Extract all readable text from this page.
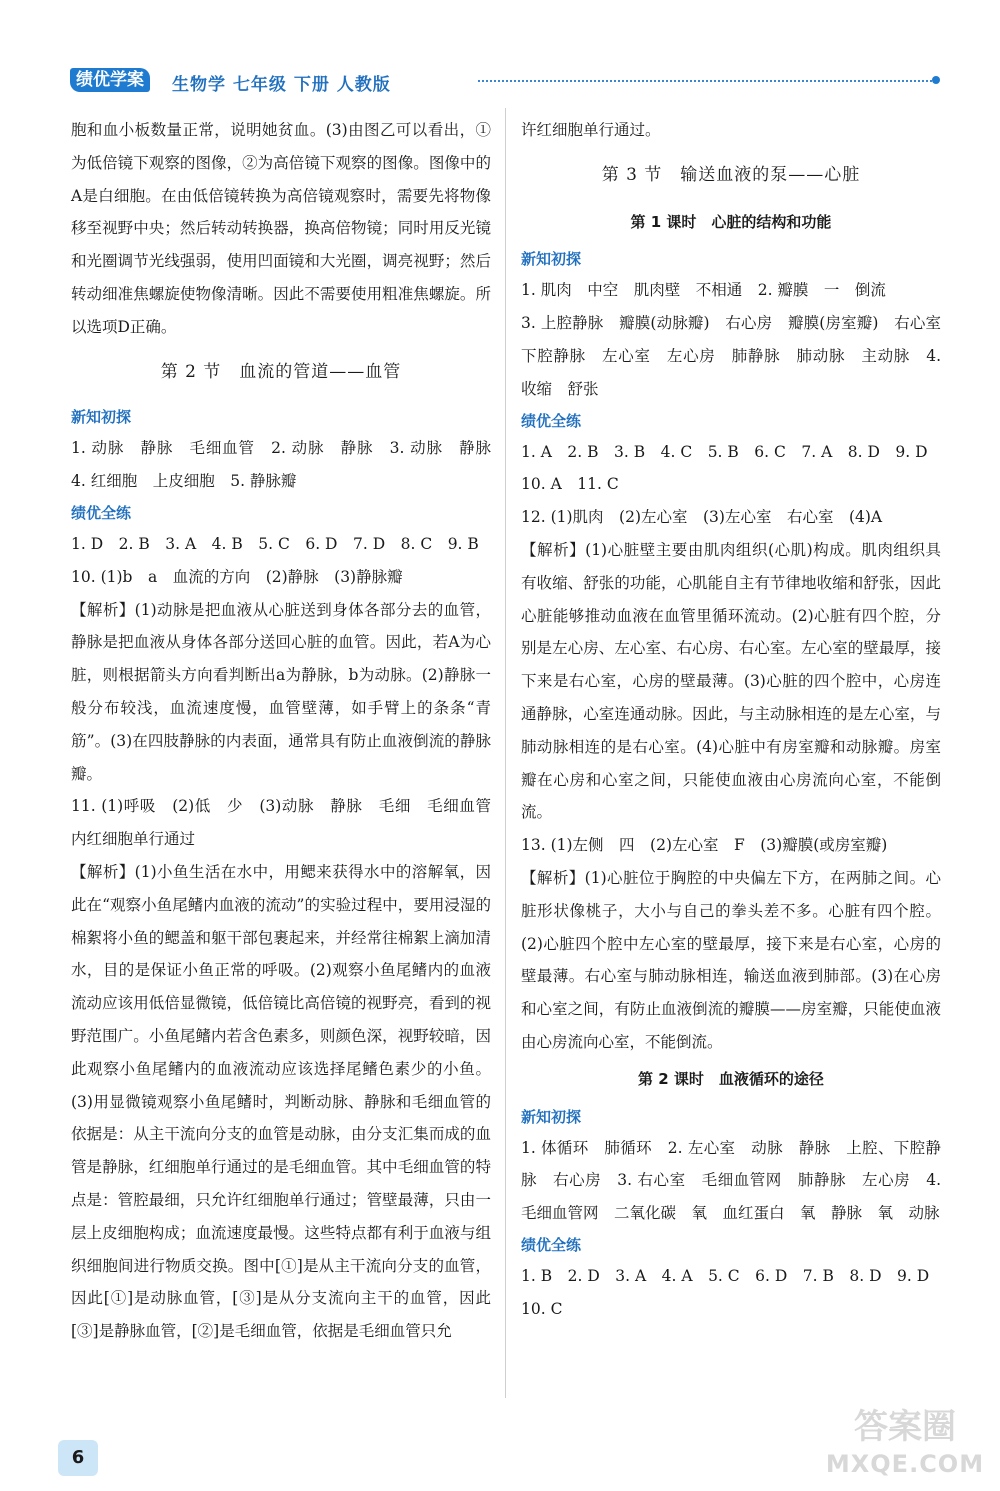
绩优学案	生物学 七年级 下册 人教版

胞和血小板数量正常，说明她贫血。(3)由图乙可以看出，①为低倍镜下观察的图像，②为高倍镜下观察的图像。图像中的A是白细胞。在由低倍镜转换为高倍镜观察时，需要先将物像移至视野中央；然后转动转换器，换高倍物镜；同时用反光镜和光圈调节光线强弱，使用凹面镜和大光圈，调亮视野；然后转动细准焦螺旋使物像清晰。因此不需要使用粗准焦螺旋。所以选项D正确。

第 2 节　血流的管道——血管
新知初探

1. 动脉　静脉　毛细血管　2. 动脉　静脉　3. 动脉　静脉　4. 红细胞　上皮细胞　5. 静脉瓣

绩优全练

1. D　2. B　3. A　4. B　5. C　6. D　7. D　8. C　9. B

10. (1)b　a　血流的方向　(2)静脉　(3)静脉瓣

【解析】(1)动脉是把血液从心脏送到身体各部分去的血管，静脉是把血液从身体各部分送回心脏的血管。因此，若A为心脏，则根据箭头方向看判断出a为静脉，b为动脉。(2)静脉一般分布较浅，血流速度慢，血管壁薄，如手臂上的条条“青筋”。(3)在四肢静脉的内表面，通常具有防止血液倒流的静脉瓣。

11. (1)呼吸　(2)低　少　(3)动脉　静脉　毛细　毛细血管内红细胞单行通过

【解析】(1)小鱼生活在水中，用鳃来获得水中的溶解氧，因此在“观察小鱼尾鳍内血液的流动”的实验过程中，要用浸湿的棉絮将小鱼的鳃盖和躯干部包裹起来，并经常往棉絮上滴加清水，目的是保证小鱼正常的呼吸。(2)观察小鱼尾鳍内的血液流动应该用低倍显微镜，低倍镜比高倍镜的视野亮，看到的视野范围广。小鱼尾鳍内若含色素多，则颜色深，视野较暗，因此观察小鱼尾鳍内的血液流动应该选择尾鳍色素少的小鱼。(3)用显微镜观察小鱼尾鳍时，判断动脉、静脉和毛细血管的依据是：从主干流向分支的血管是动脉，由分支汇集而成的血管是静脉，红细胞单行通过的是毛细血管。其中毛细血管的特点是：管腔最细，只允许红细胞单行通过；管壁最薄，只由一层上皮细胞构成；血流速度最慢。这些特点都有利于血液与组织细胞间进行物质交换。图中[①]是从主干流向分支的血管，因此[①]是动脉血管，[③]是从分支流向主干的血管，因此[③]是静脉血管，[②]是毛细血管，依据是毛细血管只允

许红细胞单行通过。

第 3 节　输送血液的泵——心脏
第 1 课时　心脏的结构和功能
新知初探

1. 肌肉　中空　肌肉壁　不相通　2. 瓣膜　一　倒流

3. 上腔静脉　瓣膜(动脉瓣)　右心房　瓣膜(房室瓣)　右心室　下腔静脉　左心室　左心房　肺静脉　肺动脉　主动脉　4. 收缩　舒张

绩优全练

1. A　2. B　3. B　4. C　5. B　6. C　7. A　8. D　9. D

10. A　11. C

12. (1)肌肉　(2)左心室　(3)左心室　右心室　(4)A

【解析】(1)心脏壁主要由肌肉组织(心肌)构成。肌肉组织具有收缩、舒张的功能，心肌能自主有节律地收缩和舒张，因此心脏能够推动血液在血管里循环流动。(2)心脏有四个腔，分别是左心房、左心室、右心房、右心室。左心室的壁最厚，接下来是右心室，心房的壁最薄。(3)心脏的四个腔中，心房连通静脉，心室连通动脉。因此，与主动脉相连的是左心室，与肺动脉相连的是右心室。(4)心脏中有房室瓣和动脉瓣。房室瓣在心房和心室之间，只能使血液由心房流向心室，不能倒流。

13. (1)左侧　四　(2)左心室　F　(3)瓣膜(或房室瓣)

【解析】(1)心脏位于胸腔的中央偏左下方，在两肺之间。心脏形状像桃子，大小与自己的拳头差不多。心脏有四个腔。(2)心脏四个腔中左心室的壁最厚，接下来是右心室，心房的壁最薄。右心室与肺动脉相连，输送血液到肺部。(3)在心房和心室之间，有防止血液倒流的瓣膜——房室瓣，只能使血液由心房流向心室，不能倒流。

第 2 课时　血液循环的途径
新知初探

1. 体循环　肺循环　2. 左心室　动脉　静脉　上腔、下腔静脉　右心房　3. 右心室　毛细血管网　肺静脉　左心房　4. 毛细血管网　二氧化碳　氧　血红蛋白　氧　静脉　氧　动脉

绩优全练

1. B　2. D　3. A　4. A　5. C　6. D　7. B　8. D　9. D

10. C

6
答案圈
MXQE.COM
